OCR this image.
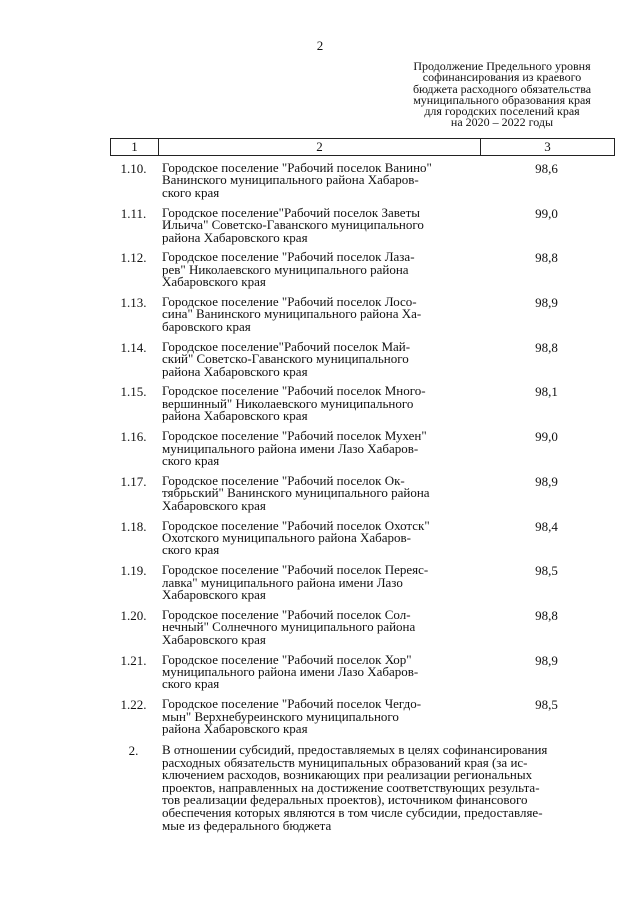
2
Продолжение Предельного уровня
софинансирования из краевого
бюджета расходного обязательства
муниципального образования края
для городских поселений края
на 2020 – 2022 годы
1	2	3
1.10.	Городское поселение "Рабочий поселок Ванино"
Ванинского муниципального района Хабаров-
ского края
98,6
1.11.	Городское поселение"Рабочий поселок Заветы
Ильича" Советско-Гаванского муниципального
района Хабаровского края
99,0
1.12.	Городское поселение "Рабочий поселок Лаза-
рев" Николаевского муниципального района
Хабаровского края
98,8
1.13.	Городское поселение "Рабочий поселок Лосо-
сина" Ванинского муниципального района Ха-
баровского края
98,9
1.14.	Городское поселение"Рабочий поселок Май-
ский" Советско-Гаванского муниципального
района Хабаровского края
98,8
1.15.	Городское поселение "Рабочий поселок Много-
вершинный" Николаевского муниципального
района Хабаровского края
98,1
1.16.	Городское поселение "Рабочий поселок Мухен"
муниципального района имени Лазо Хабаров-
ского края
99,0
1.17.	Городское поселение "Рабочий поселок Ок-
тябрьский" Ванинского муниципального района
Хабаровского края
98,9
1.18.	Городское поселение "Рабочий поселок Охотск"
Охотского муниципального района Хабаров-
ского края
98,4
1.19.	Городское поселение "Рабочий поселок Переяс-
лавка" муниципального района имени Лазо
Хабаровского края
98,5
1.20.	Городское поселение "Рабочий поселок Сол-
нечный" Солнечного муниципального района
Хабаровского края
98,8
1.21.	Городское поселение "Рабочий поселок Хор"
муниципального района имени Лазо Хабаров-
ского края
98,9
1.22.	Городское поселение "Рабочий поселок Чегдо-
мын" Верхнебуреинского муниципального
района Хабаровского края
98,5
2.	В отношении субсидий, предоставляемых в целях софинансирования
расходных обязательств муниципальных образований края (за ис-
ключением расходов, возникающих при реализации региональных
проектов, направленных на достижение соответствующих результа-
тов реализации федеральных проектов), источником финансового
обеспечения которых являются в том числе субсидии, предоставляе-
мые из федерального бюджета
